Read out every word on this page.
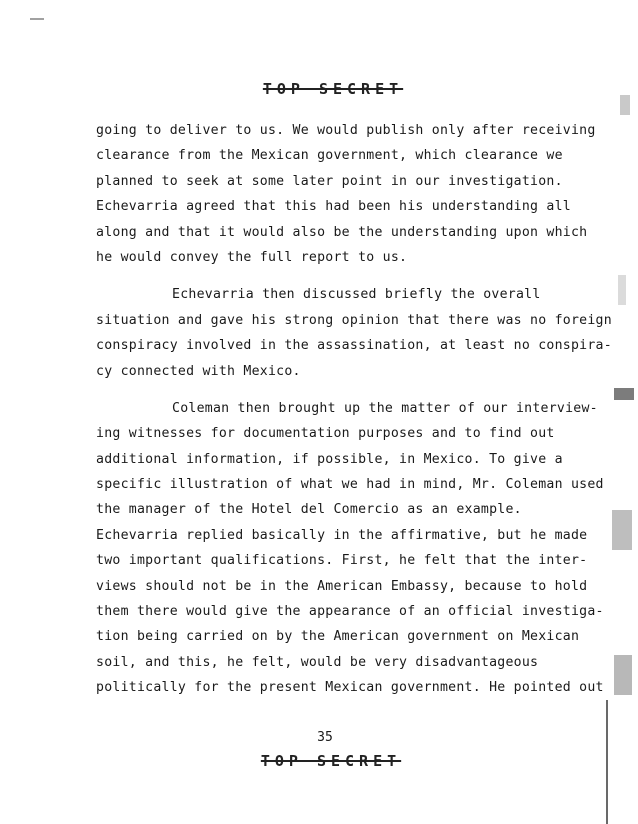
TOP SECRET
going to deliver to us. We would publish only after receiving
clearance from the Mexican government, which clearance we
planned to seek at some later point in our investigation.
Echevarria agreed that this had been his understanding all
along and that it would also be the understanding upon which
he would convey the full report to us.
Echevarria then discussed briefly the overall
situation and gave his strong opinion that there was no foreign
conspiracy involved in the assassination, at least no conspira-
cy connected with Mexico.
Coleman then brought up the matter of our interview-
ing witnesses for documentation purposes and to find out
additional information, if possible, in Mexico. To give a
specific illustration of what we had in mind, Mr. Coleman used
the manager of the Hotel del Comercio as an example.
Echevarria replied basically in the affirmative, but he made
two important qualifications. First, he felt that the inter-
views should not be in the American Embassy, because to hold
them there would give the appearance of an official investiga-
tion being carried on by the American government on Mexican
soil, and this, he felt, would be very disadvantageous
politically for the present Mexican government. He pointed out
35
TOP SECRET
